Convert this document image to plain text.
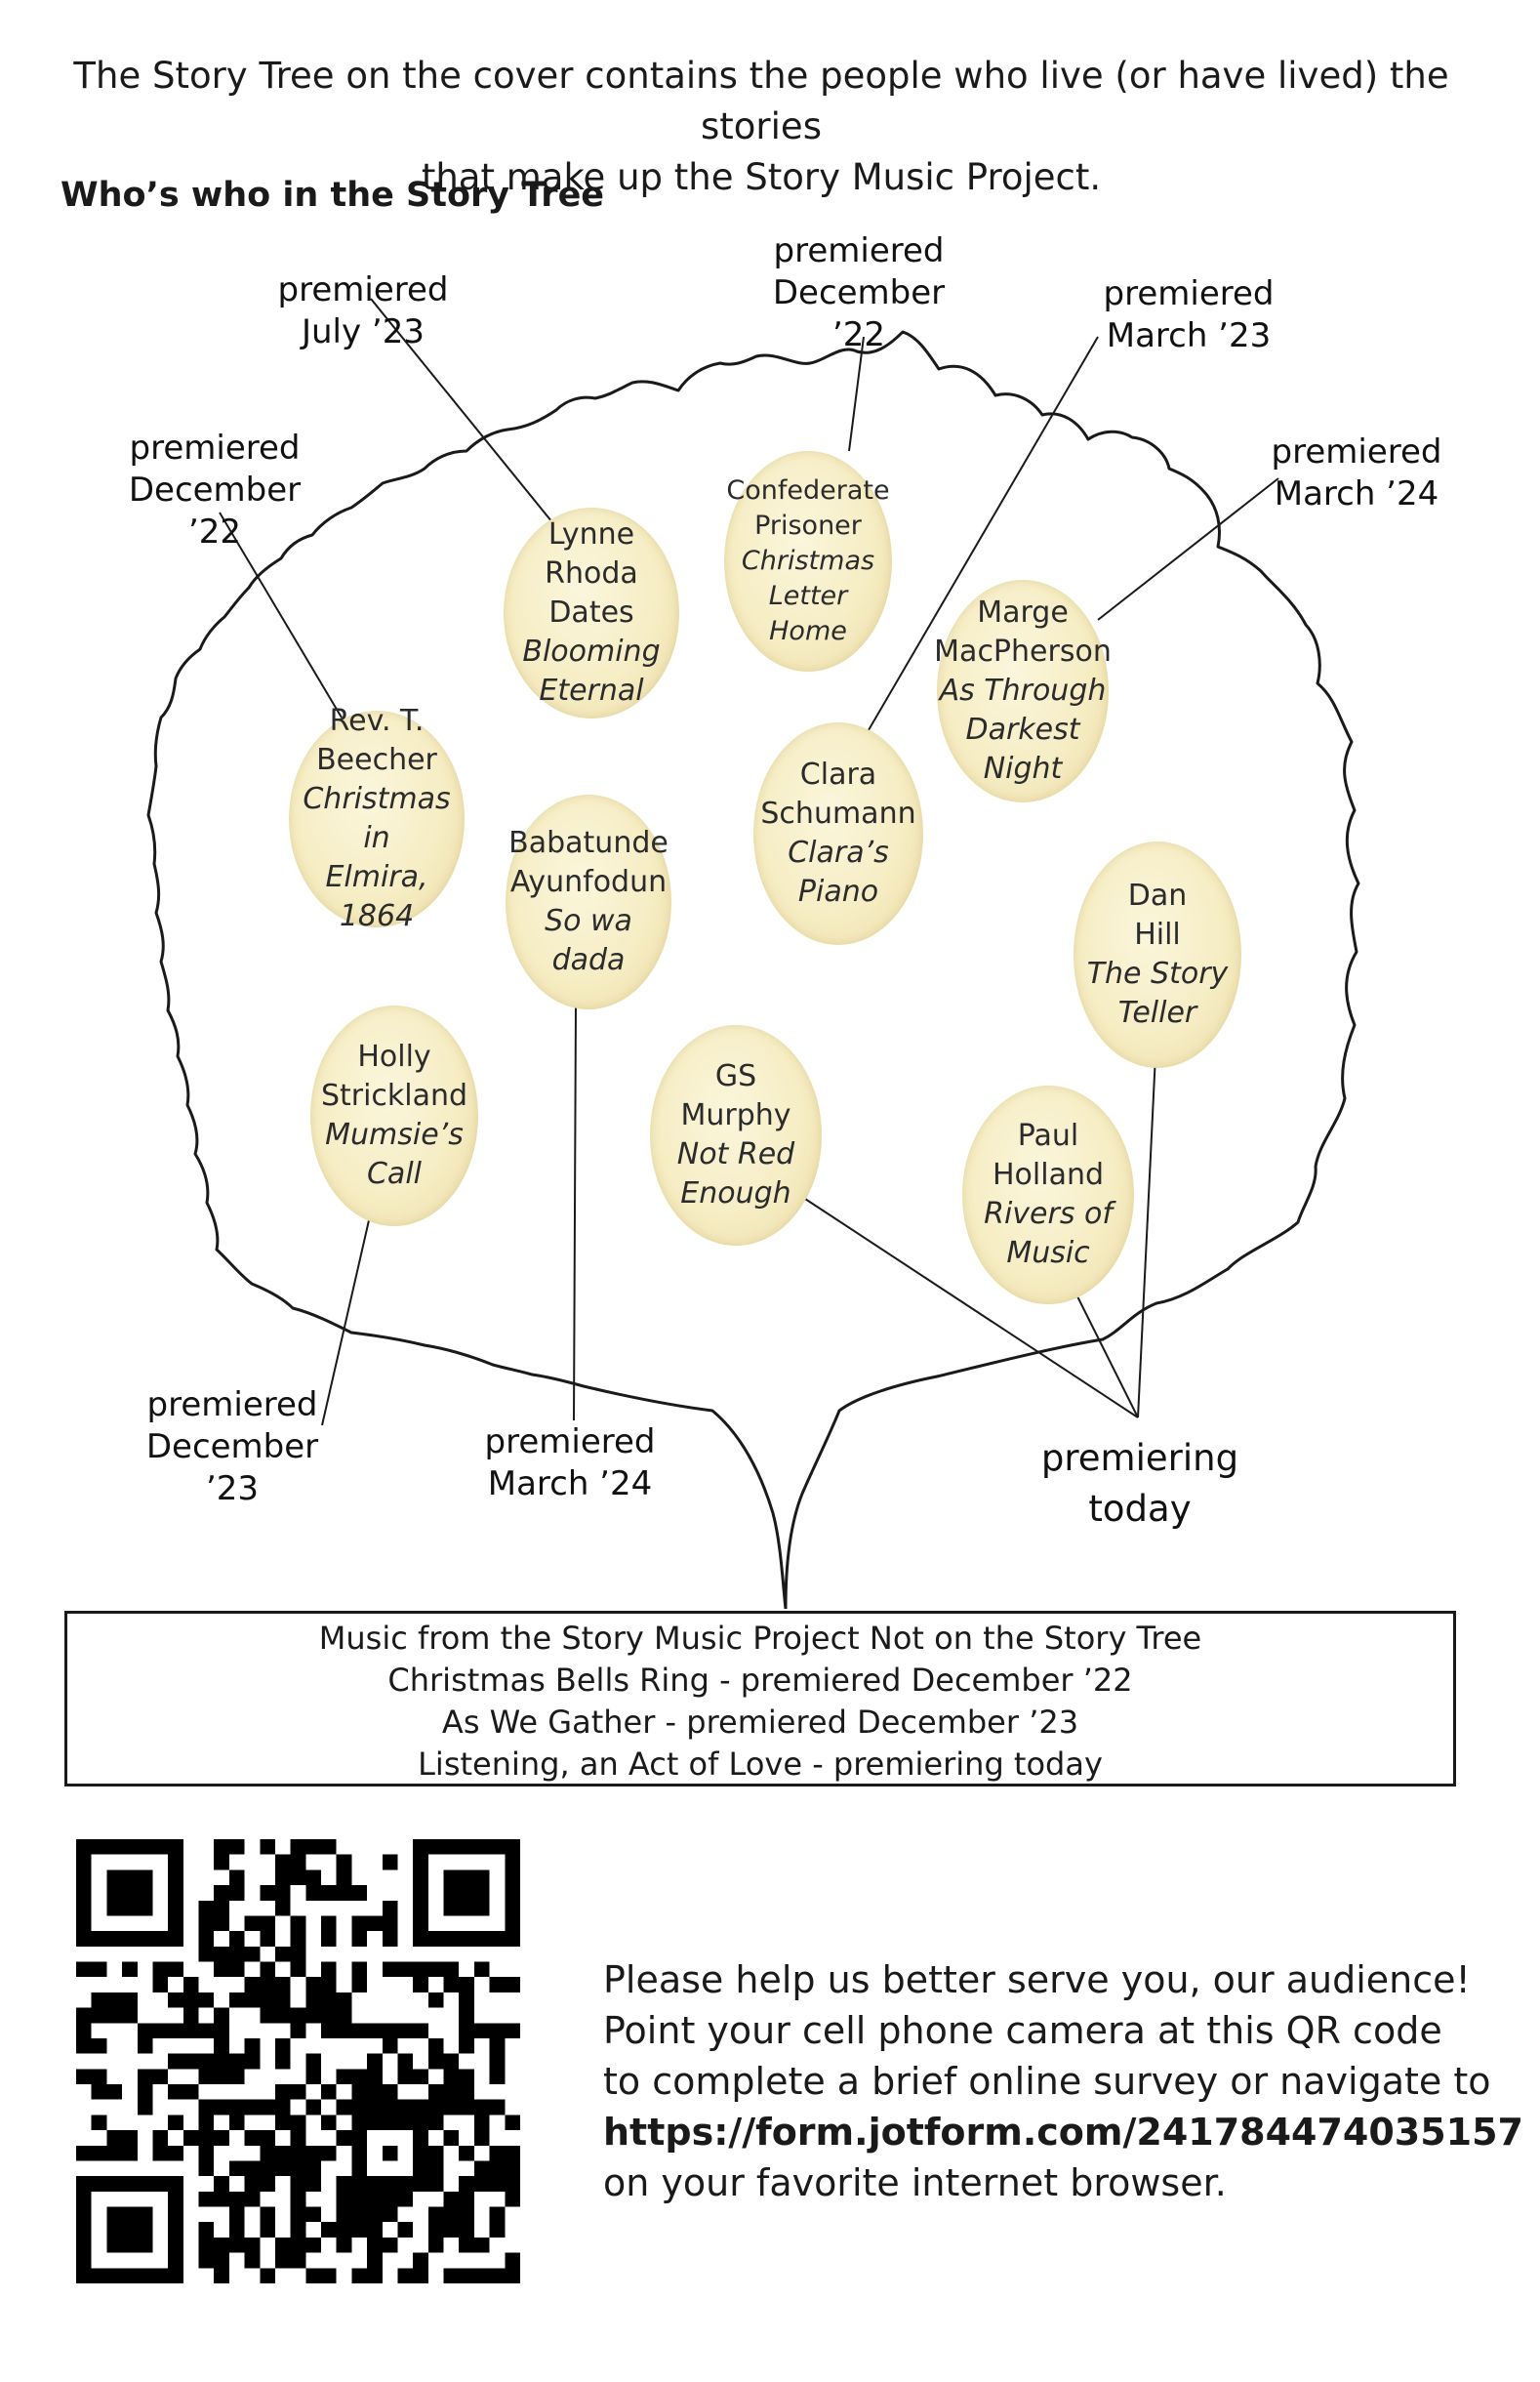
The Story Tree on the cover contains the people who live (or have lived) the stories
that make up the Story Music Project.
Who’s who in the Story Tree
Lynne
Rhoda Dates
Blooming
Eternal
Confederate
Prisoner
Christmas
Letter
Home
Marge
MacPherson
As Through
Darkest
Night
Rev. T.
Beecher
Christmas in
Elmira, 1864
Babatunde
Ayunfodun
So wa dada
Clara
Schumann
Clara’s
Piano	Dan
Hill
The Story
Teller
Holly
Strickland
Mumsie’s
Call
GS
Murphy
Not Red
Enough
Paul
Holland
Rivers of
Music
premiered
July ’23
premiered
December ’22
premiered
March ’23
premiered
December ’22
premiered
March ’24
premiered
December ’23
premiered
March ’24
premiering
today
Music from the Story Music Project Not on the Story Tree
Christmas Bells Ring - premiered December ’22
As We Gather - premiered December ’23
Listening, an Act of Love - premiering today
Please help us better serve you, our audience!
Point your cell phone camera at this QR code
to complete a brief online survey or navigate to
https://form.jotform.com/241784474035157
on your favorite internet browser.
